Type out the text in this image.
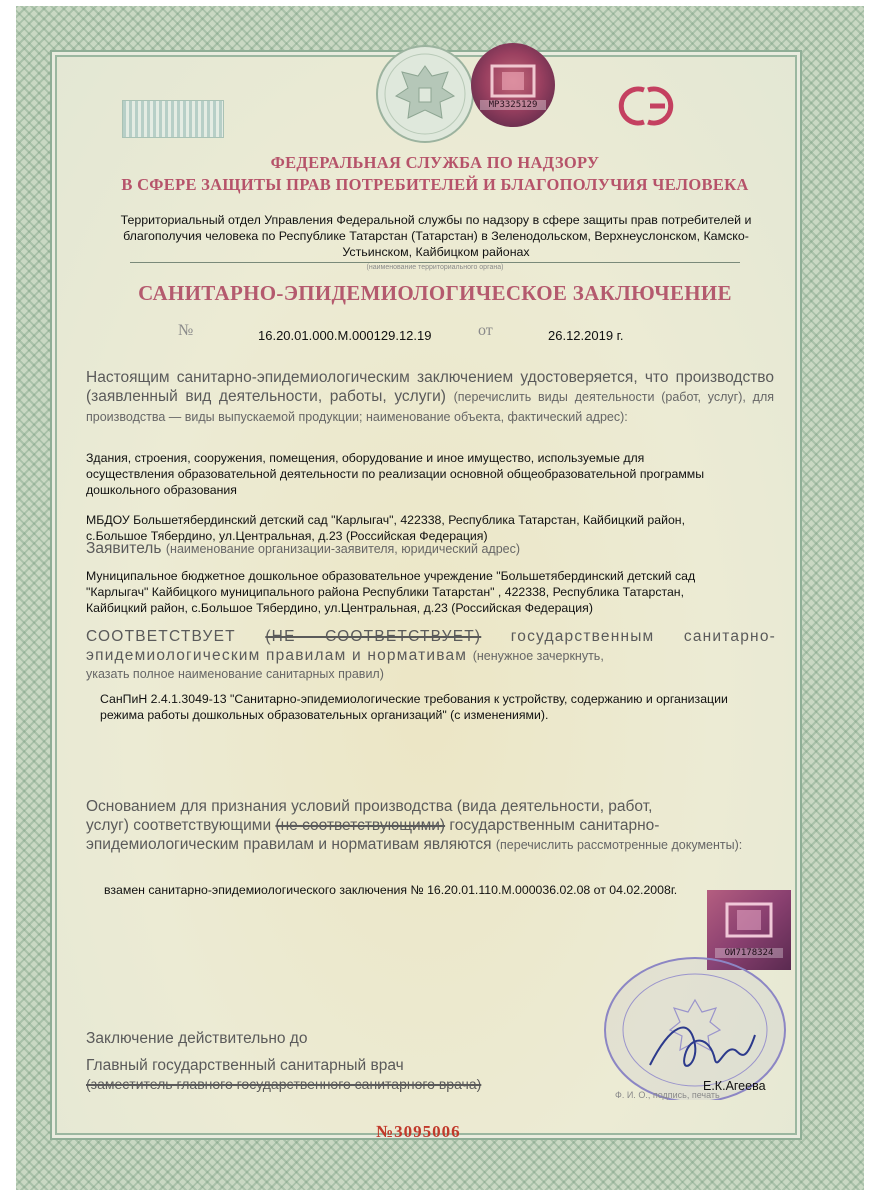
МР3325129
ФЕДЕРАЛЬНАЯ СЛУЖБА ПО НАДЗОРУ
В СФЕРЕ ЗАЩИТЫ ПРАВ ПОТРЕБИТЕЛЕЙ И БЛАГОПОЛУЧИЯ ЧЕЛОВЕКА
Территориальный отдел Управления Федеральной службы по надзору в сфере защиты прав потребителей и
благополучия человека по Республике Татарстан (Татарстан) в Зеленодольском, Верхнеуслонском, Камско-
Устьинском, Кайбицком районах
(наименование территориального органа)
САНИТАРНО-ЭПИДЕМИОЛОГИЧЕСКОЕ ЗАКЛЮЧЕНИЕ
№	16.20.01.000.М.000129.12.19	от	26.12.2019 г.
Настоящим санитарно-эпидемиологическим заключением удостоверяется, что производство (заявленный вид деятельности, работы, услуги) (перечислить виды деятельности (работ, услуг), для производства — виды выпускаемой продукции; наименование объекта, фактический адрес):
Здания, строения, сооружения, помещения, оборудование и иное имущество, используемые для
осуществления образовательной деятельности по реализации основной общеобразовательной программы
дошкольного образования
МБДОУ Большетябердинский детский сад "Карлыгач", 422338, Республика Татарстан, Кайбицкий район,
с.Большое Тябердино, ул.Центральная, д.23 (Российская Федерация)
Заявитель (наименование организации-заявителя, юридический адрес)
Муниципальное бюджетное дошкольное образовательное учреждение "Большетябердинский детский сад
"Карлыгач" Кайбицкого муниципального района Республики Татарстан" , 422338, Республика Татарстан,
Кайбицкий район, с.Большое Тябердино, ул.Центральная, д.23 (Российская Федерация)
СООТВЕТСТВУЕТ (НЕ СООТВЕТСТВУЕТ) государственным санитарно- эпидемиологическим правилам и нормативам (ненужное зачеркнуть,
указать полное наименование санитарных правил)
СанПиН 2.4.1.3049-13 "Санитарно-эпидемиологические требования к устройству, содержанию и организации
режима работы дошкольных образовательных организаций" (с изменениями).
Основанием для признания условий производства (вида деятельности, работ,
услуг) соответствующими (не соответствующими) государственным санитарно-
эпидемиологическим правилам и нормативам являются (перечислить рассмотренные документы):
взамен санитарно-эпидемиологического заключения № 16.20.01.110.М.000036.02.08 от 04.02.2008г.
ОИ7178324
Заключение действительно до
Главный государственный санитарный врач
(заместитель главного государственного санитарного врача)	Е.К.Агеева
Ф. И. О., подпись, печать
№3095006
